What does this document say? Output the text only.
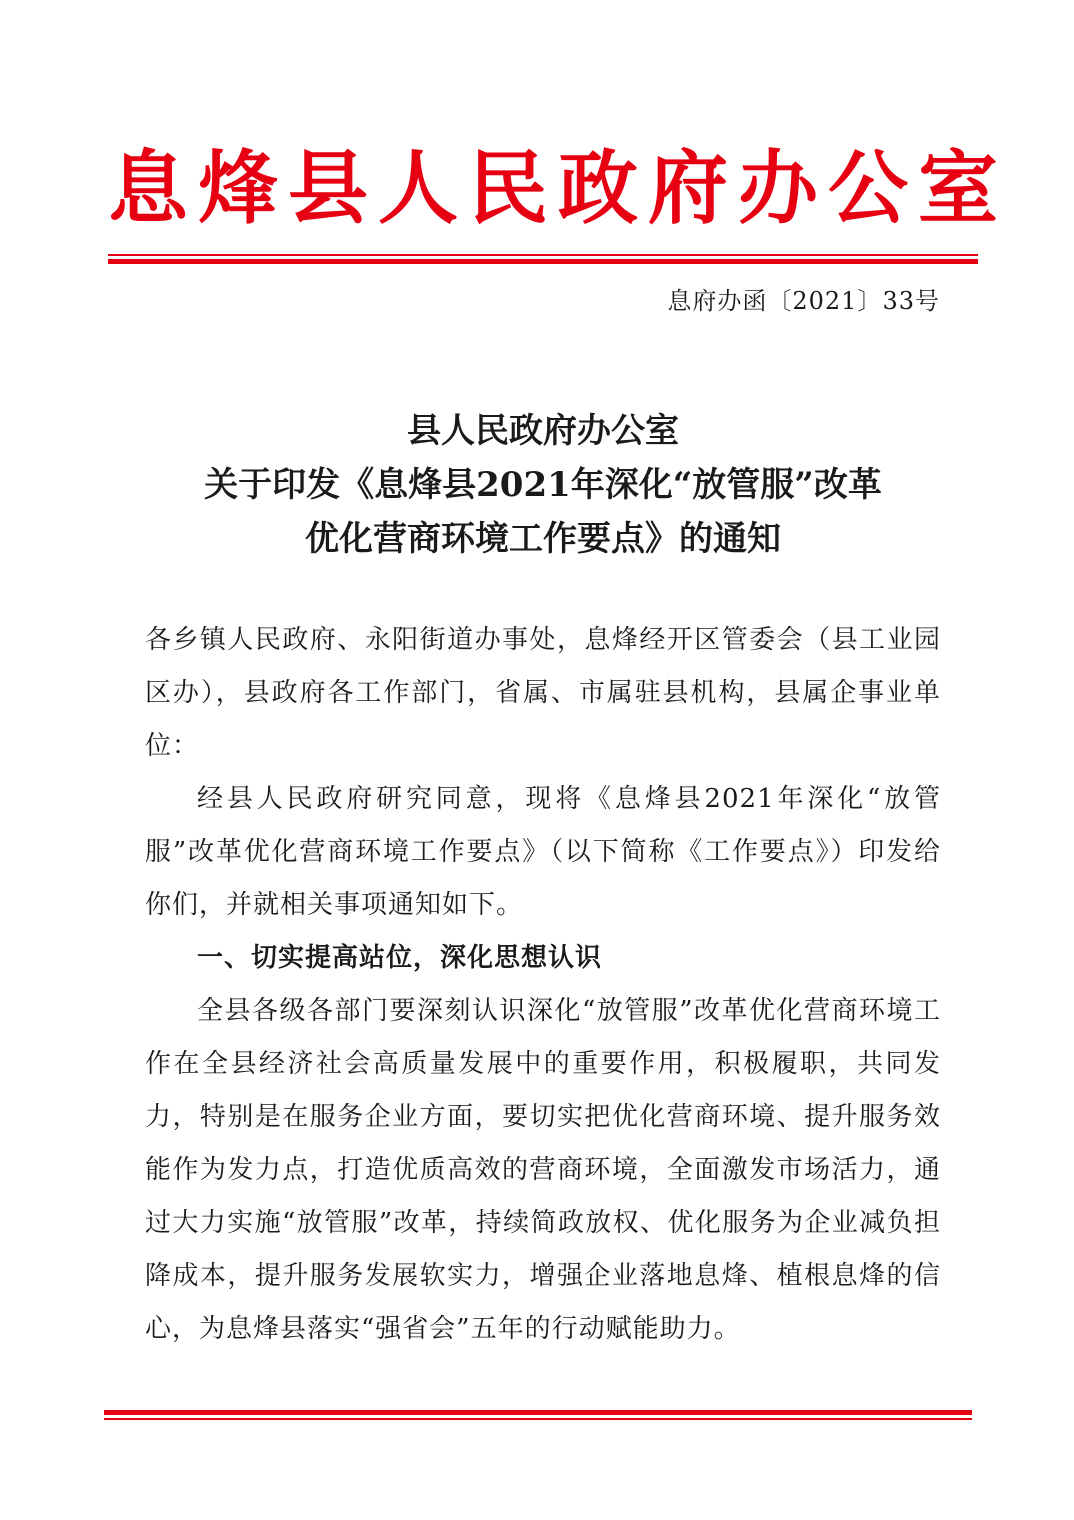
息烽县人民政府办公室
息府办函〔2021〕33号
县人民政府办公室
关于印发《息烽县2021年深化“放管服”改革
优化营商环境工作要点》的通知

各乡镇人民政府、永阳街道办事处，息烽经开区管委会（县工业园区办），县政府各工作部门，省属、市属驻县机构，县属企事业单位：

经县人民政府研究同意，现将《息烽县2021年深化“放管服”改革优化营商环境工作要点》（以下简称《工作要点》）印发给你们，并就相关事项通知如下。

一、切实提高站位，深化思想认识

全县各级各部门要深刻认识深化“放管服”改革优化营商环境工作在全县经济社会高质量发展中的重要作用，积极履职，共同发力，特别是在服务企业方面，要切实把优化营商环境、提升服务效能作为发力点，打造优质高效的营商环境，全面激发市场活力，通过大力实施“放管服”改革，持续简政放权、优化服务为企业减负担降成本，提升服务发展软实力，增强企业落地息烽、植根息烽的信心，为息烽县落实“强省会”五年的行动赋能助力。
